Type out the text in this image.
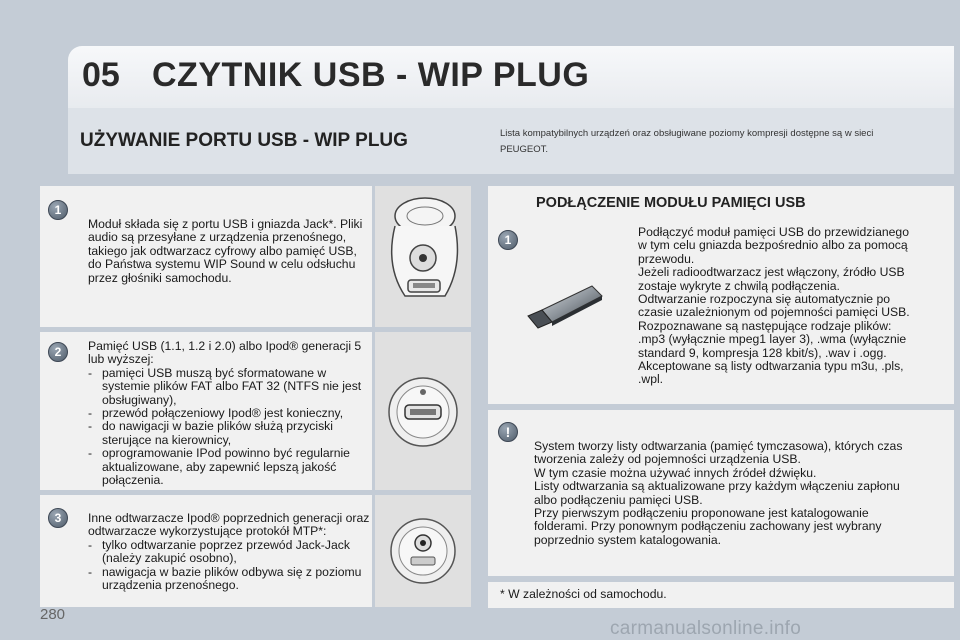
05 CZYTNIK USB - WIP PLUG
UŻYWANIE PORTU USB - WIP PLUG	Lista kompatybilnych urządzeń oraz obsługiwane poziomy kompresji dostępne są w sieci PEUGEOT.
1
Moduł składa się z portu USB i gniazda Jack*. Pliki audio są przesyłane z urządzenia przenośnego, takiego jak odtwarzacz cyfrowy albo pamięć USB, do Państwa systemu WIP Sound w celu odsłuchu przez głośniki samochodu.
2	Pamięć USB (1.1, 1.2 i 2.0) albo Ipod® generacji 5 lub wyższej:

- pamięci USB muszą być sformatowane w systemie plików FAT albo FAT 32 (NTFS nie jest obsługiwany),
- przewód połączeniowy Ipod® jest konieczny,
- do nawigacji w bazie plików służą przyciski sterujące na kierownicy,
- oprogramowanie IPod powinno być regularnie aktualizowane, aby zapewnić lepszą jakość połączenia.
3	Inne odtwarzacze Ipod® poprzednich generacji oraz odtwarzacze wykorzystujące protokół MTP*:

- tylko odtwarzanie poprzez przewód Jack-Jack (należy zakupić osobno),
- nawigacja w bazie plików odbywa się z poziomu urządzenia przenośnego.
PODŁĄCZENIE MODUŁU PAMIĘCI USB
1

Podłączyć moduł pamięci USB do przewidzianego w tym celu gniazda bezpośrednio albo za pomocą przewodu.

Jeżeli radioodtwarzacz jest włączony, źródło USB zostaje wykryte z chwilą podłączenia.

Odtwarzanie rozpoczyna się automatycznie po czasie uzależnionym od pojemności pamięci USB.

Rozpoznawane są następujące rodzaje plików: .mp3 (wyłącznie mpeg1 layer 3), .wma (wyłącznie standard 9, kompresja 128 kbit/s), .wav i .ogg.

Akceptowane są listy odtwarzania typu m3u, .pls, .wpl.

!

System tworzy listy odtwarzania (pamięć tymczasowa), których czas tworzenia zależy od pojemności urządzenia USB.

W tym czasie można używać innych źródeł dźwięku.

Listy odtwarzania są aktualizowane przy każdym włączeniu zapłonu albo podłączeniu pamięci USB.

Przy pierwszym podłączeniu proponowane jest katalogowanie folderami. Przy ponownym podłączeniu zachowany jest wybrany poprzednio system katalogowania.

* W zależności od samochodu.
280
carmanualsonline.info
